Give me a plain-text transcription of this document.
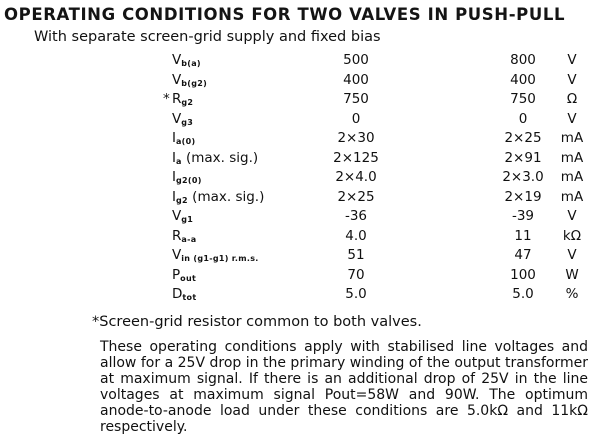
OPERATING CONDITIONS FOR TWO VALVES IN PUSH-PULL
With separate screen-grid supply and fixed bias
$V_{b(a)}$	500	800	V
$V_{b(g2)}$	400	400	V
* $R_{g2}$	750	750	Ω
$V_{g3}$	0	0	V
$I_{a(0)}$	2×30	2×25	mA
$I_a$ (max. sig.)	2×125	2×91	mA
$I_{g2(0)}$	2×4.0	2×3.0	mA
$I_{g2}$ (max. sig.)	2×25	2×19	mA
$V_{g1}$	-36	-39	V
$R_{a-a}$	4.0	11	kΩ
$V_{in (g1-g1) r.m.s.}$	51	47	V
$P_{out}$	70	100	W
$D_{tot}$	5.0	5.0	%
*Screen-grid resistor common to both valves.

These operating conditions apply with stabilised line voltages and allow for a 25V drop in the primary winding of the output transformer at maximum signal. If there is an additional drop of 25V in the line voltages at maximum signal Pout=58W and 90W. The optimum anode-to-anode load under these conditions are 5.0kΩ and 11kΩ respectively.
